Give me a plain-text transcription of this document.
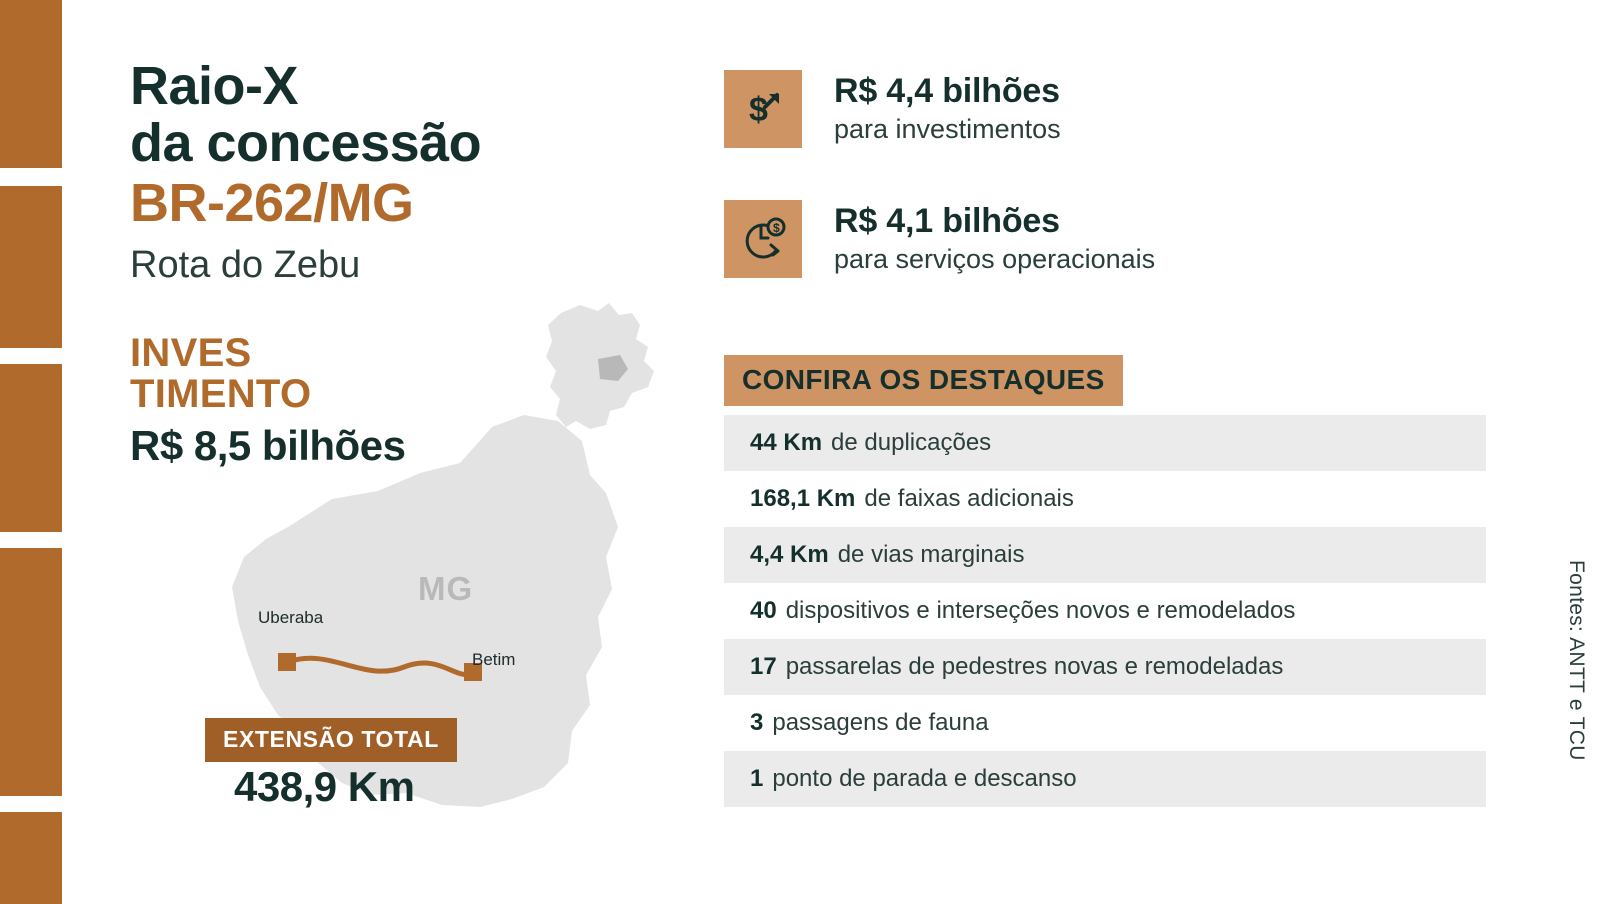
MG
Uberaba
Betim
Raio-X
da concessão
BR-262/MG
Rota do Zebu
INVES
TIMENTO
R$ 8,5 bilhões
EXTENSÃO TOTAL
438,9 Km
$ R$ 4,4 bilhões
para investimentos
$ R$ 4,1 bilhões
para serviços operacionais
CONFIRA OS DESTAQUES
44 Km de duplicações
168,1 Km de faixas adicionais
4,4 Km de vias marginais
40 dispositivos e interseções novos e remodelados
17 passarelas de pedestres novas e remodeladas
3 passagens de fauna
1 ponto de parada e descanso
Fontes: ANTT e TCU
